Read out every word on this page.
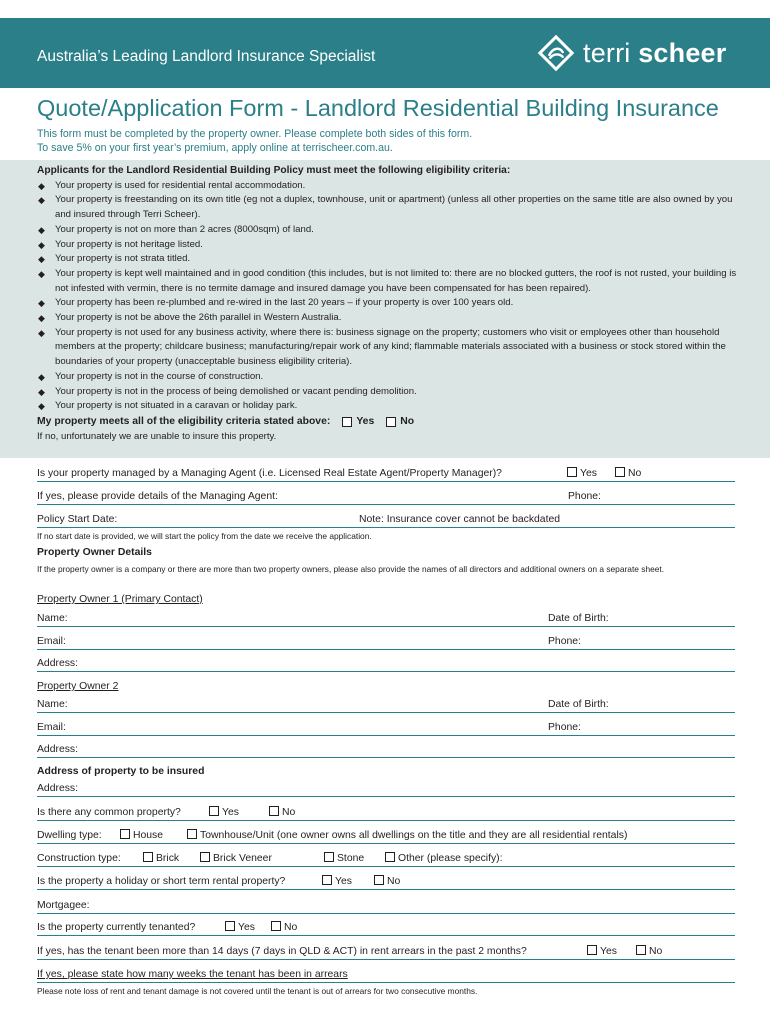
Australia’s Leading Landlord Insurance Specialist	terri scheer
Quote/Application Form - Landlord Residential Building Insurance
This form must be completed by the property owner. Please complete both sides of this form.
To save 5% on your first year’s premium, apply online at terrischeer.com.au.
Applicants for the Landlord Residential Building Policy must meet the following eligibility criteria:
◆ Your property is used for residential rental accommodation.
◆ Your property is freestanding on its own title (eg not a duplex, townhouse, unit or apartment) (unless all other properties on the same title are also owned by you and insured through Terri Scheer).
◆ Your property is not on more than 2 acres (8000sqm) of land.
◆ Your property is not heritage listed.
◆ Your property is not strata titled.
◆ Your property is kept well maintained and in good condition (this includes, but is not limited to: there are no blocked gutters, the roof is not rusted, your building is not infested with vermin, there is no termite damage and insured damage you have been compensated for has been repaired).
◆ Your property has been re-plumbed and re-wired in the last 20 years – if your property is over 100 years old.
◆ Your property is not be above the 26th parallel in Western Australia.
◆ Your property is not used for any business activity, where there is: business signage on the property; customers who visit or employees other than household members at the property; childcare business; manufacturing/repair work of any kind; flammable materials associated with a business or stock stored within the boundaries of your property (unacceptable business eligibility criteria).
◆ Your property is not in the course of construction.
◆ Your property is not in the process of being demolished or vacant pending demolition.
◆ Your property is not situated in a caravan or holiday park.
My property meets all of the eligibility criteria stated above:	Yes	No
If no, unfortunately we are unable to insure this property.
Is your property managed by a Managing Agent (i.e. Licensed Real Estate Agent/Property Manager)?	Yes	No
If yes, please provide details of the Managing Agent:	Phone:
Policy Start Date:	Note: Insurance cover cannot be backdated
If no start date is provided, we will start the policy from the date we receive the application.
Property Owner Details
If the property owner is a company or there are more than two property owners, please also provide the names of all directors and additional owners on a separate sheet.
Property Owner 1 (Primary Contact)
Name:	Date of Birth:
Email:	Phone:
Address:
Property Owner 2
Name:	Date of Birth:
Email:	Phone:
Address:
Address of property to be insured
Address:
Is there any common property?	Yes	No
Dwelling type:	House	Townhouse/Unit (one owner owns all dwellings on the title and they are all residential rentals)
Construction type:	Brick	Brick Veneer	Stone	Other (please specify):
Is the property a holiday or short term rental property?	Yes	No
Mortgagee:
Is the property currently tenanted?	Yes	No
If yes, has the tenant been more than 14 days (7 days in QLD & ACT) in rent arrears in the past 2 months?	Yes	No
If yes, please state how many weeks the tenant has been in arrears
Please note loss of rent and tenant damage is not covered until the tenant is out of arrears for two consecutive months.
